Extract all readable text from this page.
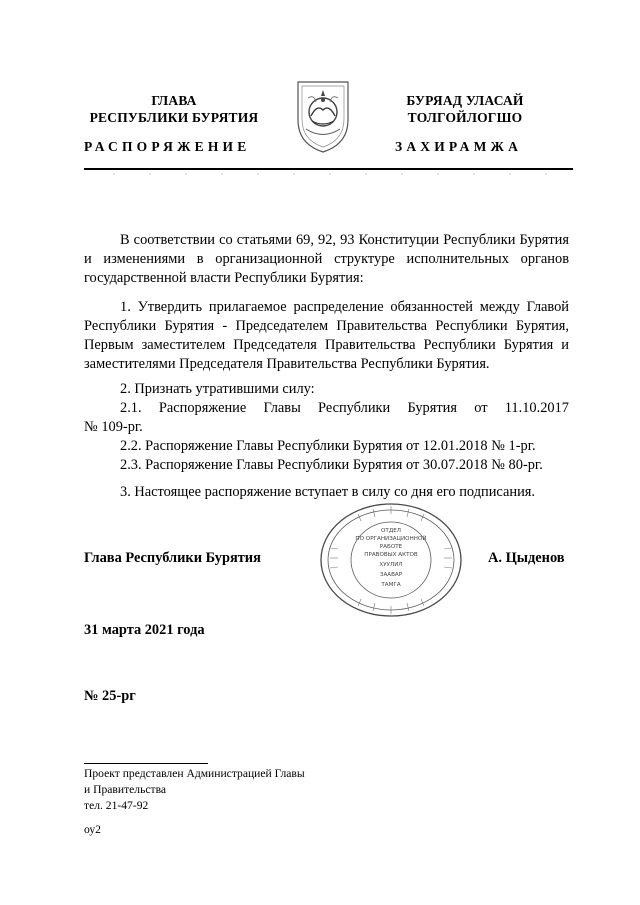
ГЛАВА
РЕСПУБЛИКИ БУРЯТИЯ
РАСПОРЯЖЕНИЕ
БУРЯАД УЛАСАЙ
ТОЛГОЙЛОГШО
ЗАХИРАМЖА
В соответствии со статьями 69, 92, 93 Конституции Республики Бурятия и изменениями в организационной структуре исполнительных органов государственной власти Республики Бурятия:
1. Утвердить прилагаемое распределение обязанностей между Главой Республики Бурятия - Председателем Правительства Республики Бурятия, Первым заместителем Председателя Правительства Республики Бурятия и заместителями Председателя Правительства Республики Бурятия.
2. Признать утратившими силу:
2.1. Распоряжение Главы Республики Бурятия от 11.10.2017
№ 109-рг.
2.2. Распоряжение Главы Республики Бурятия от 12.01.2018 № 1-рг.
2.3. Распоряжение Главы Республики Бурятия от 30.07.2018 № 80-рг.
3. Настоящее распоряжение вступает в силу со дня его подписания.
ОТДЕЛ
ПО ОРГАНИЗАЦИОННОЙ
РАБОТЕ
ПРАВОВЫХ АКТОВ
ХУУЛИЛ
ЗААВАР
ТАМГА
Глава Республики Бурятия	А. Цыденов
31 марта 2021 года
№ 25-рг
Проект представлен Администрацией Главы
и Правительства
тел. 21-47-92
оу2
